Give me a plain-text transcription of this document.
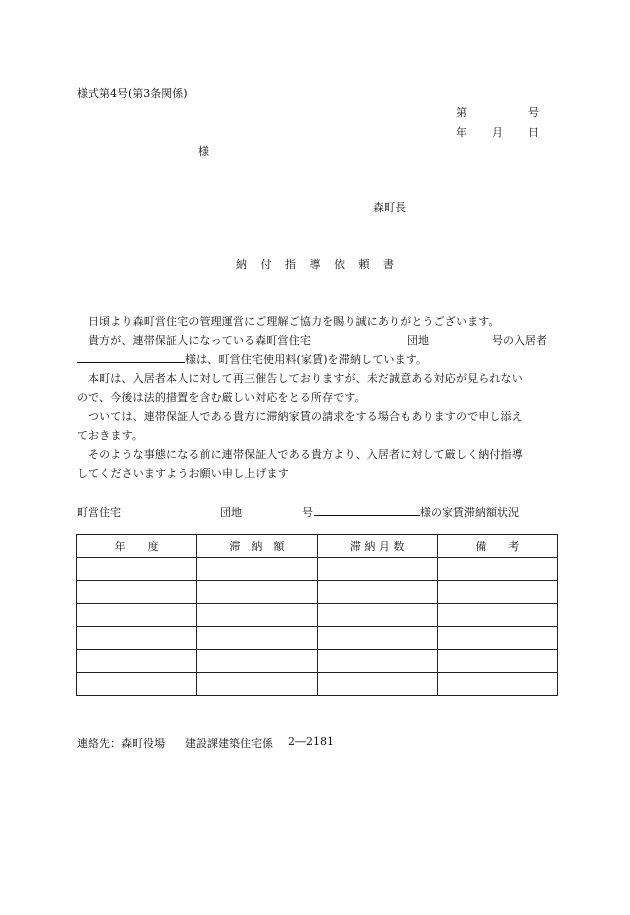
様式第4号(第3条関係)
第	号
年 月 日
様
森町長
納 付 指 導 依 頼 書
日頃より森町営住宅の管理運営にご理解ご協力を賜り誠にありがとうございます。
貴方が、連帯保証人になっている森町営住宅	団地	号の入居者
様は、町営住宅使用料(家賃)を滞納しています。
本町は、入居者本人に対して再三催告しておりますが、未だ誠意ある対応が見られない
ので、今後は法的措置を含む厳しい対応をとる所存です。
ついては、連帯保証人である貴方に滞納家賃の請求をする場合もありますので申し添え
ておきます。
そのような事態になる前に連帯保証人である貴方より、入居者に対して厳しく納付指導
してくださいますようお願い申し上げます
町営住宅	団地	号	様の家賃滞納額状況
年　　度	滞　納　額	滞 納 月 数	備　　考

連絡先：森町役場 建設課建築住宅係 2―2181
